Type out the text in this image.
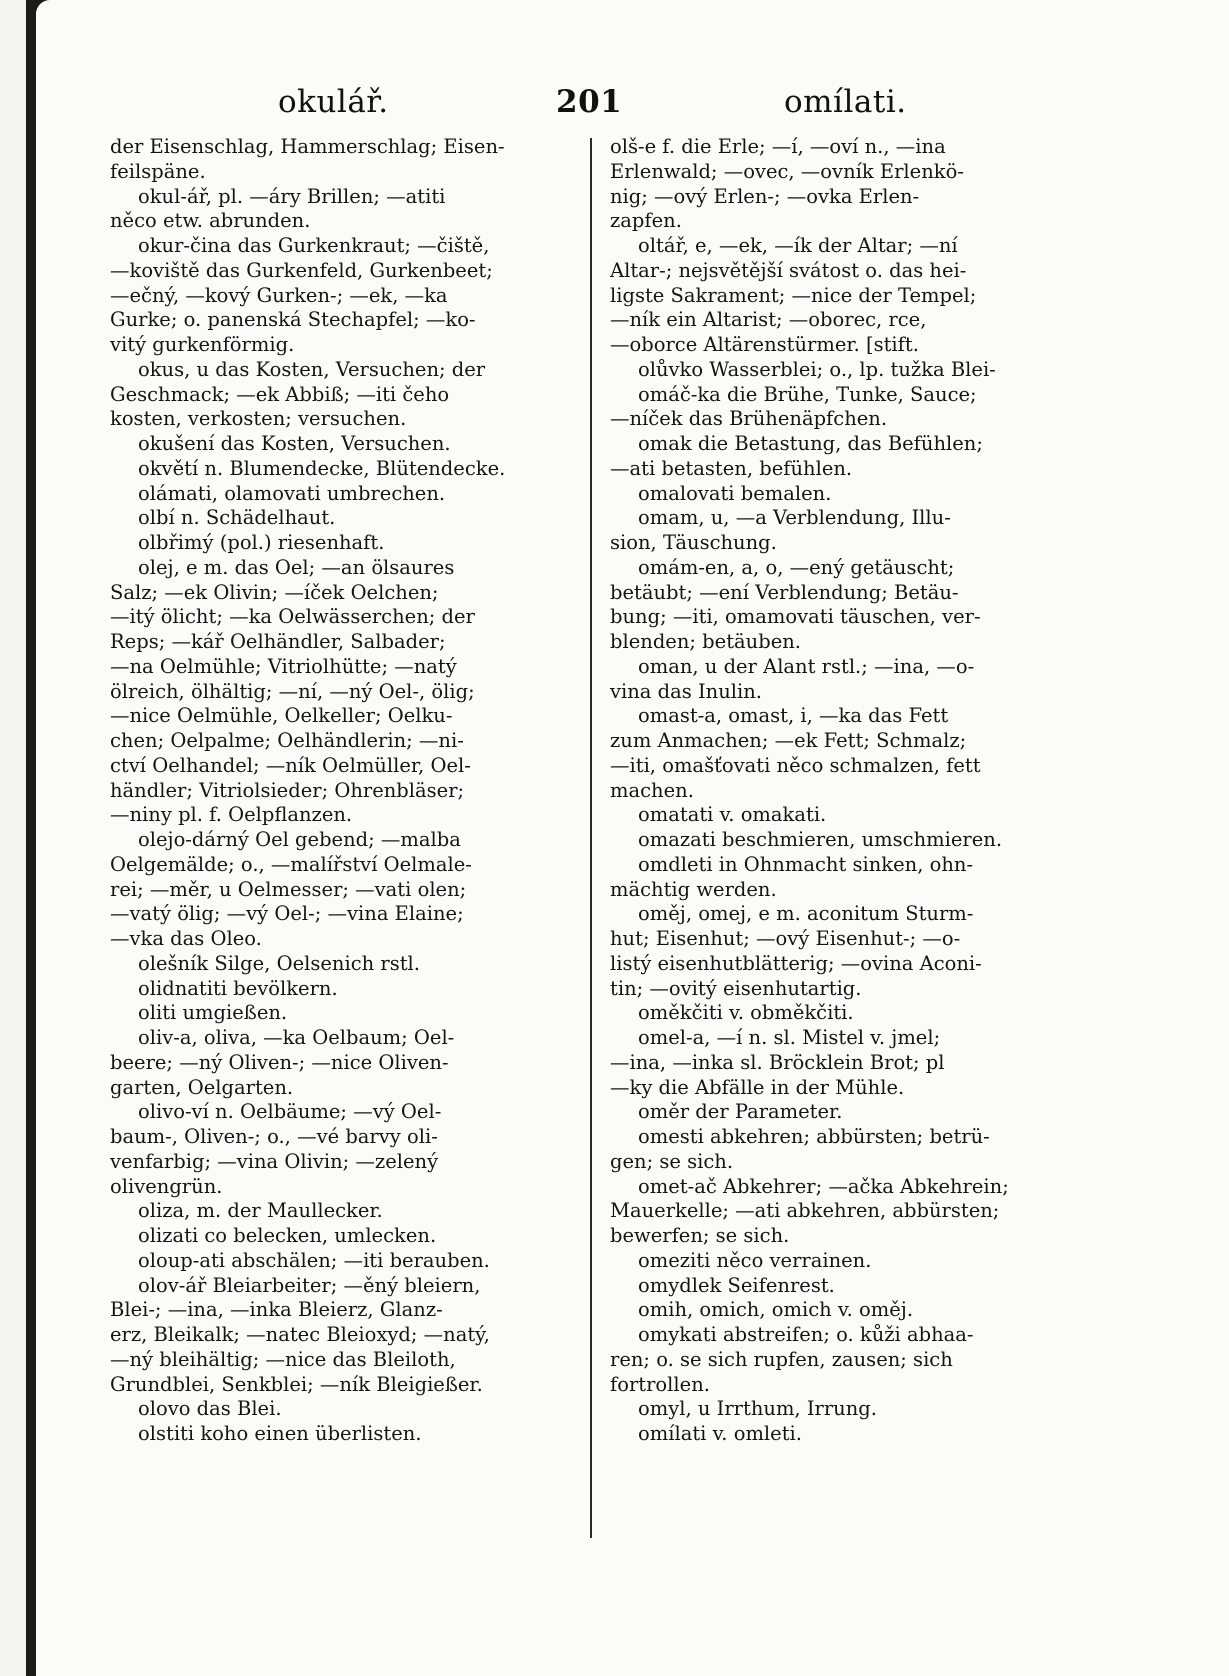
okulář.	201	omílati.
der Eisenschlag, Hammerschlag; Eisen-
feilspäne.
okul-ář, pl. —áry Brillen; —atiti
něco etw. abrunden.
okur-čina das Gurkenkraut; —čiště,
—koviště das Gurkenfeld, Gurkenbeet;
—ečný, —kový Gurken-; —ek, —ka
Gurke; o. panenská Stechapfel; —ko-
vitý gurkenförmig.
okus, u das Kosten, Versuchen; der
Geschmack; —ek Abbiß; —iti čeho
kosten, verkosten; versuchen.
okušení das Kosten, Versuchen.
okvětí n. Blumendecke, Blütendecke.
olámati, olamovati umbrechen.
olbí n. Schädelhaut.
olbřimý (pol.) riesenhaft.
olej, e m. das Oel; —an ölsaures
Salz; —ek Olivin; —íček Oelchen;
—itý ölicht; —ka Oelwässerchen; der
Reps; —kář Oelhändler, Salbader;
—na Oelmühle; Vitriolhütte; —natý
ölreich, ölhältig; —ní, —ný Oel-, ölig;
—nice Oelmühle, Oelkeller; Oelku-
chen; Oelpalme; Oelhändlerin; —ni-
ctví Oelhandel; —ník Oelmüller, Oel-
händler; Vitriolsieder; Ohrenbläser;
—niny pl. f. Oelpflanzen.
olejo-dárný Oel gebend; —malba
Oelgemälde; o., —malířství Oelmale-
rei; —měr, u Oelmesser; —vati olen;
—vatý ölig; —vý Oel-; —vina Elaine;
—vka das Oleo.
olešník Silge, Oelsenich rstl.
olidnatiti bevölkern.
oliti umgießen.
oliv-a, oliva, —ka Oelbaum; Oel-
beere; —ný Oliven-; —nice Oliven-
garten, Oelgarten.
olivo-ví n. Oelbäume; —vý Oel-
baum-, Oliven-; o., —vé barvy oli-
venfarbig; —vina Olivin; —zelený
olivengrün.
oliza, m. der Maullecker.
olizati co belecken, umlecken.
oloup-ati abschälen; —iti berauben.
olov-ář Bleiarbeiter; —ěný bleiern,
Blei-; —ina, —inka Bleierz, Glanz-
erz, Bleikalk; —natec Bleioxyd; —natý,
—ný bleihältig; —nice das Bleiloth,
Grundblei, Senkblei; —ník Bleigießer.
olovo das Blei.
olstiti koho einen überlisten.
olš-e f. die Erle; —í, —oví n., —ina
Erlenwald; —ovec, —ovník Erlenkö-
nig; —ový Erlen-; —ovka Erlen-
zapfen.
oltář, e, —ek, —ík der Altar; —ní
Altar-; nejsvětější svátost o. das hei-
ligste Sakrament; —nice der Tempel;
—ník ein Altarist; —oborec, rce,
—oborce Altärenstürmer. [stift.
olůvko Wasserblei; o., lp. tužka Blei-
omáč-ka die Brühe, Tunke, Sauce;
—níček das Brühenäpfchen.
omak die Betastung, das Befühlen;
—ati betasten, befühlen.
omalovati bemalen.
omam, u, —a Verblendung, Illu-
sion, Täuschung.
omám-en, a, o, —ený getäuscht;
betäubt; —ení Verblendung; Betäu-
bung; —iti, omamovati täuschen, ver-
blenden; betäuben.
oman, u der Alant rstl.; —ina, —o-
vina das Inulin.
omast-a, omast, i, —ka das Fett
zum Anmachen; —ek Fett; Schmalz;
—iti, omašťovati něco schmalzen, fett
machen.
omatati v. omakati.
omazati beschmieren, umschmieren.
omdleti in Ohnmacht sinken, ohn-
mächtig werden.
oměj, omej, e m. aconitum Sturm-
hut; Eisenhut; —ový Eisenhut-; —o-
listý eisenhutblätterig; —ovina Aconi-
tin; —ovitý eisenhutartig.
oměkčiti v. obměkčiti.
omel-a, —í n. sl. Mistel v. jmel;
—ina, —inka sl. Bröcklein Brot; pl
—ky die Abfälle in der Mühle.
oměr der Parameter.
omesti abkehren; abbürsten; betrü-
gen; se sich.
omet-ač Abkehrer; —ačka Abkehrein;
Mauerkelle; —ati abkehren, abbürsten;
bewerfen; se sich.
omeziti něco verrainen.
omydlek Seifenrest.
omih, omich, omich v. oměj.
omykati abstreifen; o. kůži abhaa-
ren; o. se sich rupfen, zausen; sich
fortrollen.
omyl, u Irrthum, Irrung.
omílati v. omleti.
